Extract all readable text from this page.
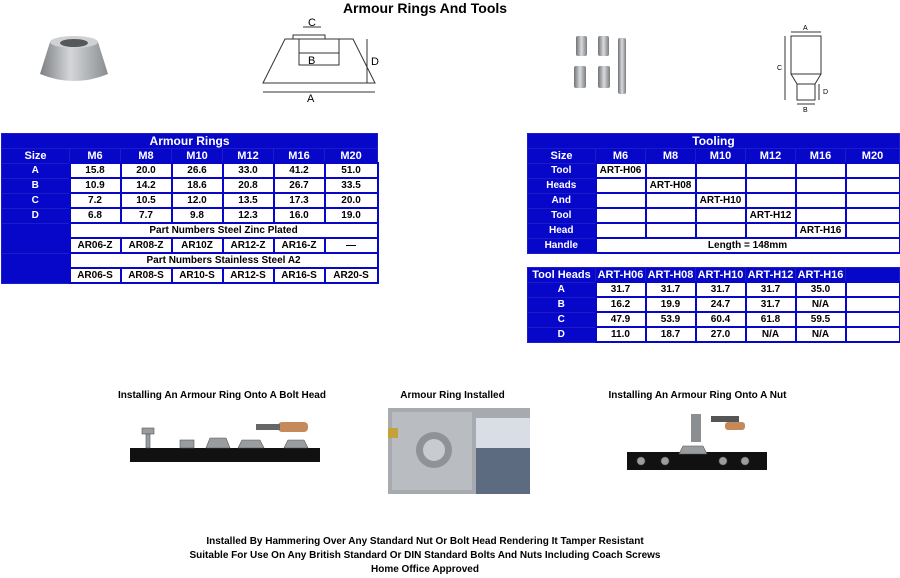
Armour Rings And Tools
C
B
A
D
A
C
D
B
Armour Rings						
Size	M6	M8	M10	M12	M16	M20
A	15.8	20.0	26.6	33.0	41.2	51.0
B	10.9	14.2	18.6	20.8	26.7	33.5
C	7.2	10.5	12.0	13.5	17.3	20.0
D	6.8	7.7	9.8	12.3	16.0	19.0
	Part Numbers Steel Zinc Plated					
	AR06-Z	AR08-Z	AR10Z	AR12-Z	AR16-Z	—
	Part Numbers Stainless Steel A2					
	AR06-S	AR08-S	AR10-S	AR12-S	AR16-S	AR20-S
Tooling						
Size	M6	M8	M10	M12	M16	M20
Tool	ART-H06					
Heads		ART-H08				
And			ART-H10			
Tool				ART-H12		
Head					ART-H16	
Handle	Length = 148mm					
Tool Heads	ART-H06	ART-H08	ART-H10	ART-H12	ART-H16	
A	31.7	31.7	31.7	31.7	35.0	
B	16.2	19.9	24.7	31.7	N/A	
C	47.9	53.9	60.4	61.8	59.5	
D	11.0	18.7	27.0	N/A	N/A	
Installing An Armour Ring Onto A Bolt Head	Armour Ring Installed	Installing An Armour Ring Onto A Nut
Installed By Hammering Over Any Standard Nut Or Bolt Head Rendering It Tamper Resistant
Suitable For Use On Any British Standard Or DIN Standard Bolts And Nuts Including Coach Screws
Home Office Approved
